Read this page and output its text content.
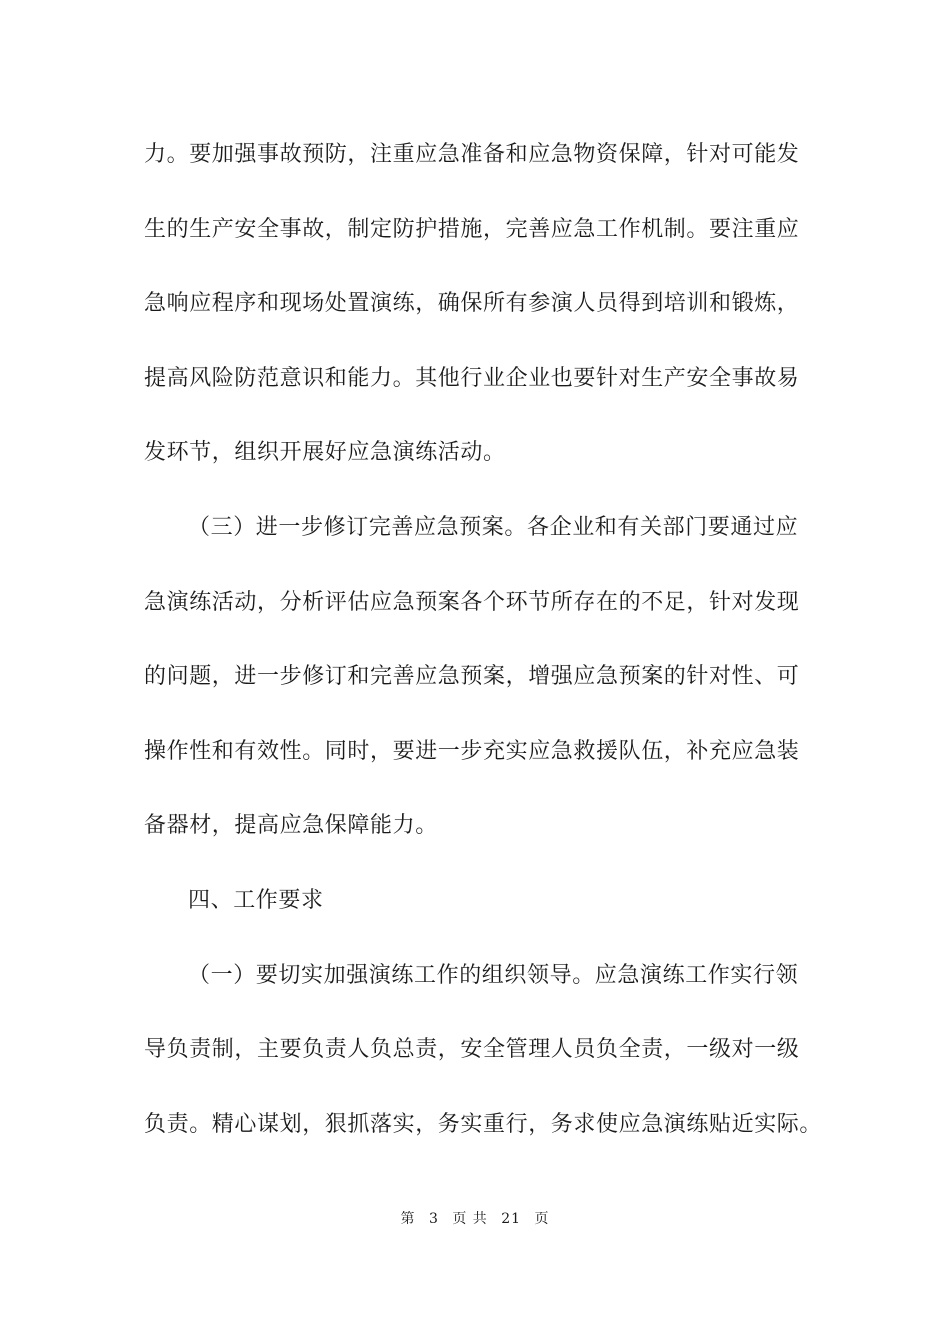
力。要加强事故预防，注重应急准备和应急物资保障，针对可能发
生的生产安全事故，制定防护措施，完善应急工作机制。要注重应
急响应程序和现场处置演练，确保所有参演人员得到培训和锻炼，
提高风险防范意识和能力。其他行业企业也要针对生产安全事故易
发环节，组织开展好应急演练活动。
（三）进一步修订完善应急预案。各企业和有关部门要通过应
急演练活动，分析评估应急预案各个环节所存在的不足，针对发现
的问题，进一步修订和完善应急预案，增强应急预案的针对性、可
操作性和有效性。同时，要进一步充实应急救援队伍，补充应急装
备器材，提高应急保障能力。
四、工作要求
（一）要切实加强演练工作的组织领导。应急演练工作实行领
导负责制，主要负责人负总责，安全管理人员负全责，一级对一级
负责。精心谋划，狠抓落实，务实重行，务求使应急演练贴近实际。
第 3 页 共 21 页
